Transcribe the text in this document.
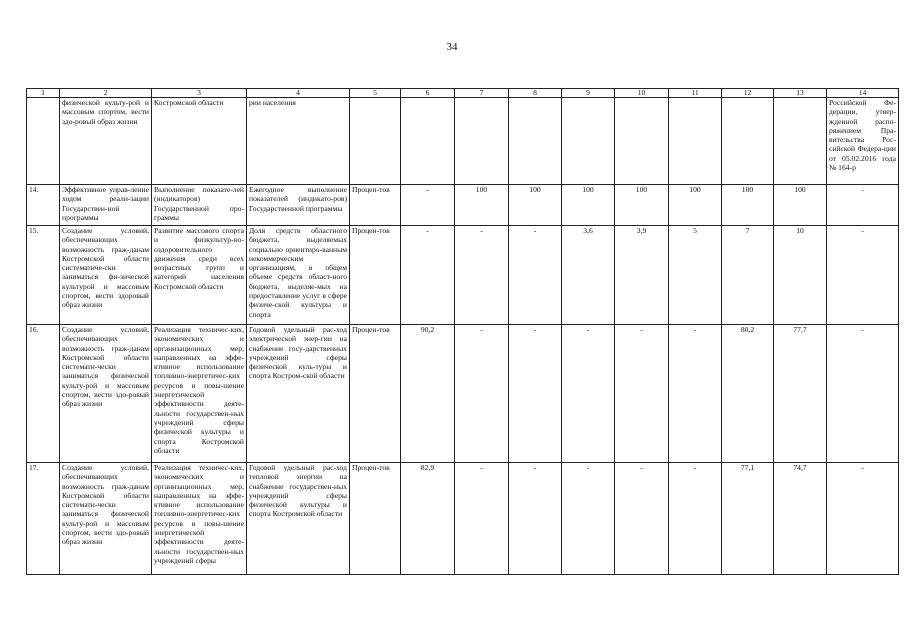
34
1	2	3	4	5	6	7	8	9	10	11	12	13	14
	физической культу-рой и массовым спортом, вести здо-ровый образ жизни	Костромской области	рии населения										Российской Фе-дерации, утвер-жденной распо-ряжением Пра-вительства Рос-сийской Федера-ции от 05.02.2016 года № 164-р
14.	Эффективное управ-ление ходом реали-зации Государствен-ной программы	Выполнение показате-лей (индикаторов) Государственной про-граммы	Ежегодное выполнение показателей (индикато-ров) Государственной программы	Процен-тов	-	100	100	100	100	100	100	100	-
15.	Создание условий, обеспечивающих возможность граж-данам Костромской области систематиче-ски заниматься фи-зической культурой и массовым спортом, вести здоровый образ жизни	Развитие массового спорта и физкультур-но-оздоровительного движения среди всех возрастных групп и категорий населения Костромской области	Доля средств областного бюджета, выделяемых социально ориентиро-ванным некоммерческим организациям, в общем объеме средств област-ного бюджета, выделяе-мых на предоставление услуг в сфере физиче-ской культуры и спорта	Процен-тов	-	-	-	3,6	3,9	5	7	10	-
16.	Создание условий, обеспечивающих возможность граж-данам Костромской области системати-чески заниматься физической культу-рой и массовым спортом, вести здо-ровый образ жизни	Реализация техничес-ких, экономических и организационных мер, направленных на эффе-ктивное использование топливно-энергетичес-ких ресурсов и повы-шение энергетической эффективности деяте-льности государствен-ных учреждений сферы физической культуры и спорта Костромской области	Годовой удельный рас-ход электрической энер-гии на снабжение госу-дарственных учреждений сферы физической куль-туры и спорта Костром-ской области	Процен-тов	90,2	-	-	-	-	-	80,2	77,7	-
17.	Создание условий, обеспечивающих возможность граж-данам Костромской области системати-чески заниматься физической культу-рой и массовым спортом, вести здо-ровый образ жизни	Реализация техничес-ких, экономических и организационных мер, направленных на эффе-ктивное использование топливно-энергетичес-ких ресурсов и повы-шение энергетической эффективности деяте-льности государствен-ных учреждений сферы	Годовой удельный рас-ход тепловой энергии на снабжение государствен-ных учреждений сферы физической культуры и спорта Костромской области	Процен-тов	82,9	-	-	-	-	-	77,1	74,7	-
